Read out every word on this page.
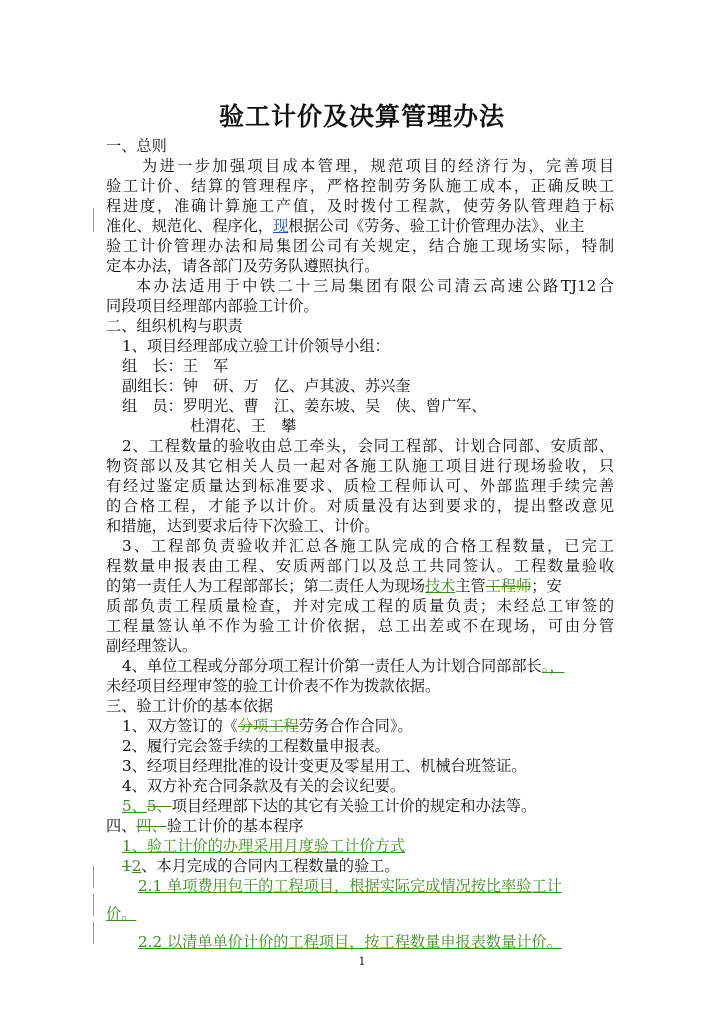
验工计价及决算管理办法
一、总则
为进一步加强项目成本管理，规范项目的经济行为，完善项目
验工计价、结算的管理程序，严格控制劳务队施工成本，正确反映工
程进度，准确计算施工产值，及时拨付工程款，使劳务队管理趋于标
准化、规范化、程序化，现根据公司《劳务、验工计价管理办法》、业主
验工计价管理办法和局集团公司有关规定，结合施工现场实际，特制
定本办法，请各部门及劳务队遵照执行。
本办法适用于中铁二十三局集团有限公司清云高速公路TJ12合
同段项目经理部内部验工计价。
二、组织机构与职责
1、项目经理部成立验工计价领导小组：
组　长：王　军
副组长：钟　研、万　亿、卢其波、苏兴奎
组　员：罗明光、曹　江、姜东坡、吴　侠、曾广军、
杜渭花、王　攀
2、工程数量的验收由总工牵头，会同工程部、计划合同部、安质部、
物资部以及其它相关人员一起对各施工队施工项目进行现场验收，只
有经过鉴定质量达到标准要求、质检工程师认可、外部监理手续完善
的合格工程，才能予以计价。对质量没有达到要求的，提出整改意见
和措施，达到要求后待下次验工、计价。
3、工程部负责验收并汇总各施工队完成的合格工程数量，已完工
程数量申报表由工程、安质两部门以及总工共同签认。工程数量验收
的第一责任人为工程部部长；第二责任人为现场技术主管工程师；安
质部负责工程质量检查，并对完成工程的质量负责；未经总工审签的
工程量签认单不作为验工计价依据，总工出差或不在现场，可由分管
副经理签认。
4、单位工程或分部分项工程计价第一责任人为计划合同部部长。，
未经项目经理审签的验工计价表不作为拨款依据。
三、验工计价的基本依据
1、双方签订的《分项工程劳务合作合同》。
2、履行完会签手续的工程数量申报表。
3、经项目经理批准的设计变更及零星用工、机械台班签证。
4、双方补充合同条款及有关的会议纪要。
5、5、项目经理部下达的其它有关验工计价的规定和办法等。
四、四、验工计价的基本程序
1、验工计价的办理采用月度验工计价方式
12、本月完成的合同内工程数量的验工。
2.1 单项费用包干的工程项目，根据实际完成情况按比率验工计
价。
2.2 以清单单价计价的工程项目，按工程数量申报表数量计价。
1
